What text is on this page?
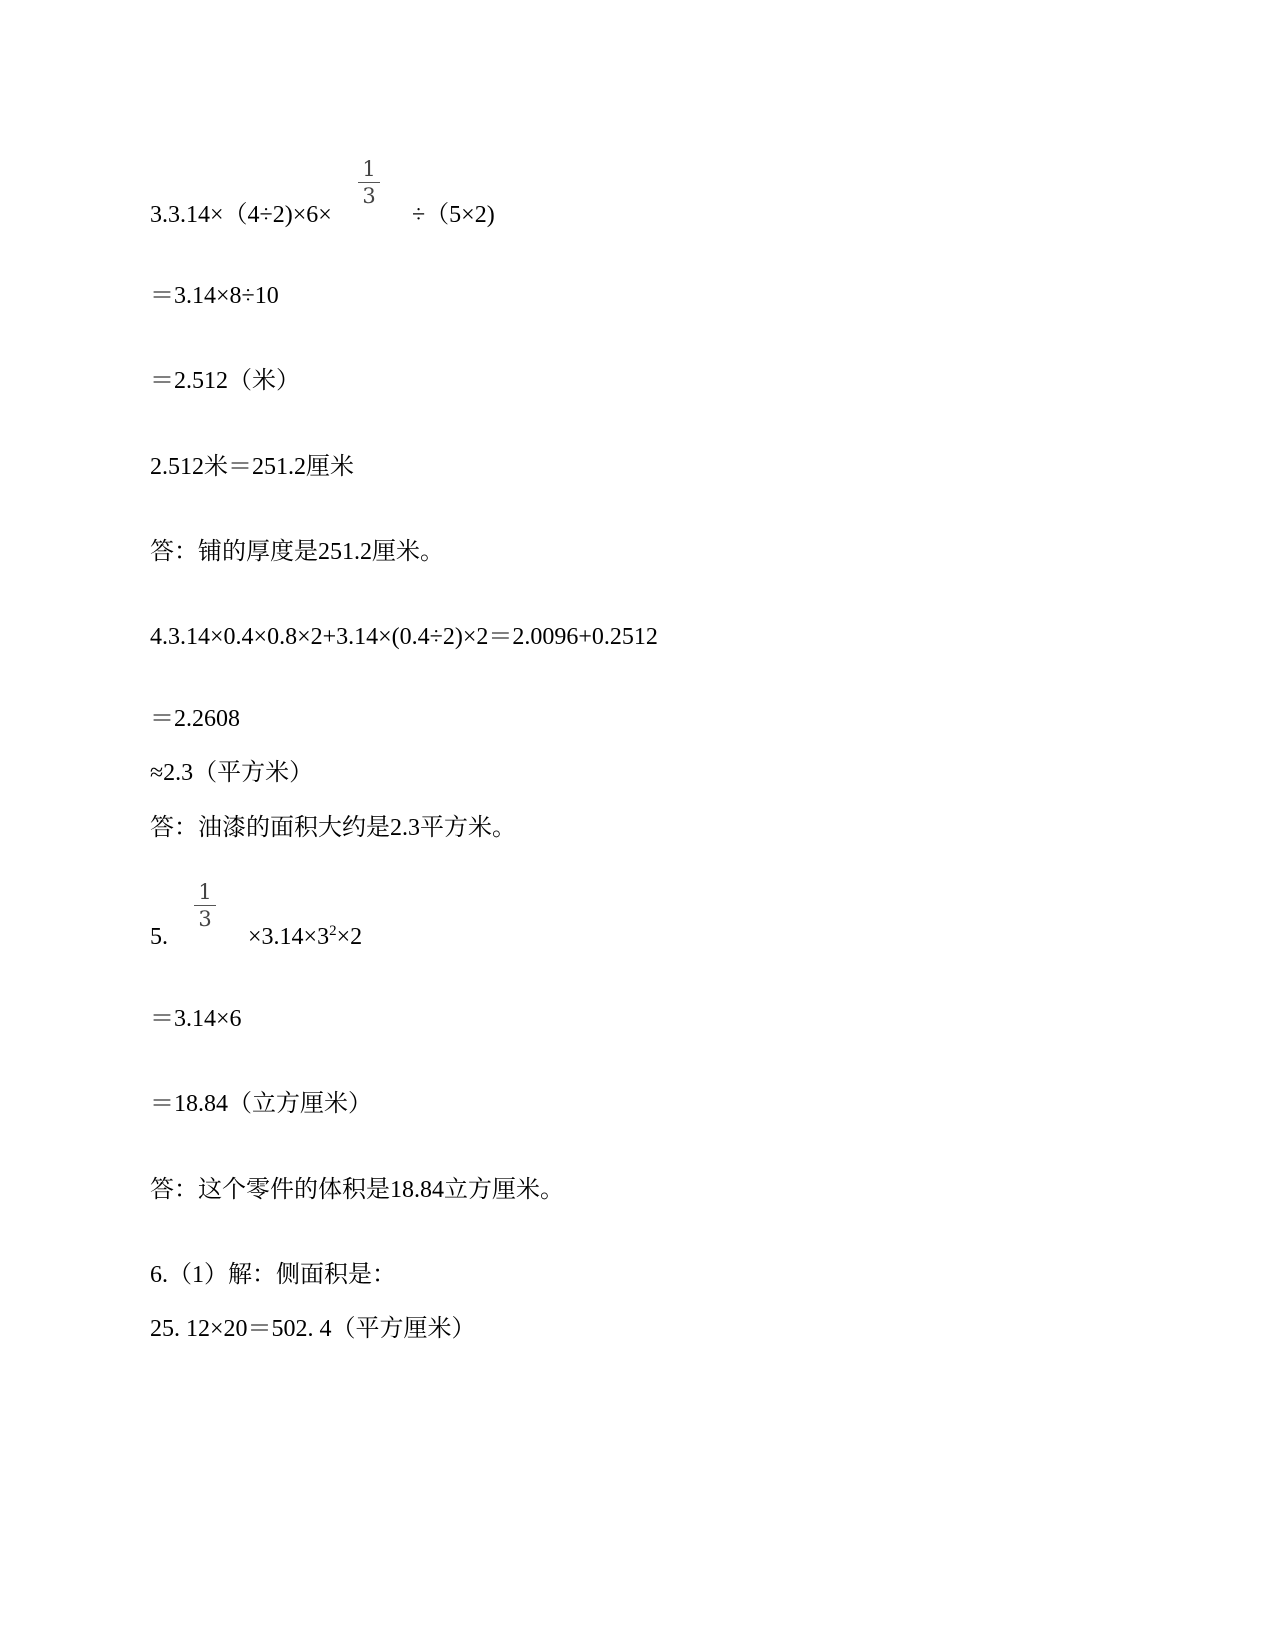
3.3.14×（4÷2)×6×
1
3
÷（5×2)
＝3.14×8÷10
＝2.512（米）
2.512米＝251.2厘米
答：铺的厚度是251.2厘米。
4.3.14×0.4×0.8×2+3.14×(0.4÷2)×2＝2.0096+0.2512
＝2.2608
≈2.3（平方米）
答：油漆的面积大约是2.3平方米。
5.
1
3
$\times 3.14\times 3^2\times 2$
＝3.14×6
＝18.84（立方厘米）
答：这个零件的体积是18.84立方厘米。
6.（1）解：侧面积是：
25. 12×20＝502. 4（平方厘米）
